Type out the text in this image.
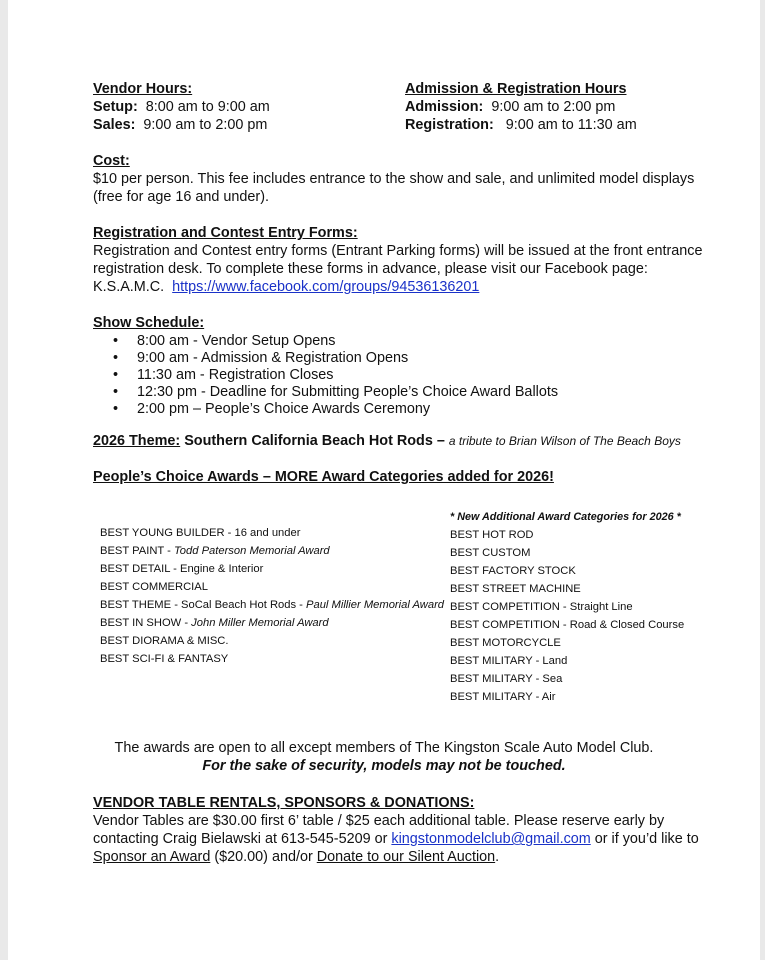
Vendor Hours:
Setup: 8:00 am to 9:00 am
Sales: 9:00 am to 2:00 pm
Admission & Registration Hours
Admission: 9:00 am to 2:00 pm
Registration: 9:00 am to 11:30 am
Cost:
$10 per person. This fee includes entrance to the show and sale, and unlimited model displays
(free for age 16 and under).
Registration and Contest Entry Forms:
Registration and Contest entry forms (Entrant Parking forms) will be issued at the front entrance
registration desk. To complete these forms in advance, please visit our Facebook page:
K.S.A.M.C. https://www.facebook.com/groups/94536136201
Show Schedule:
• 8:00 am - Vendor Setup Opens
• 9:00 am - Admission & Registration Opens
• 11:30 am - Registration Closes
• 12:30 pm - Deadline for Submitting People’s Choice Award Ballots
• 2:00 pm – People’s Choice Awards Ceremony
2026 Theme: Southern California Beach Hot Rods – a tribute to Brian Wilson of The Beach Boys
People’s Choice Awards – MORE Award Categories added for 2026!
BEST YOUNG BUILDER - 16 and under
BEST PAINT - Todd Paterson Memorial Award
BEST DETAIL - Engine & Interior
BEST COMMERCIAL
BEST THEME - SoCal Beach Hot Rods - Paul Millier Memorial Award
BEST IN SHOW - John Miller Memorial Award
BEST DIORAMA & MISC.
BEST SCI-FI & FANTASY
* New Additional Award Categories for 2026 *
BEST HOT ROD
BEST CUSTOM
BEST FACTORY STOCK
BEST STREET MACHINE
BEST COMPETITION - Straight Line
BEST COMPETITION - Road & Closed Course
BEST MOTORCYCLE
BEST MILITARY - Land
BEST MILITARY - Sea
BEST MILITARY - Air
The awards are open to all except members of The Kingston Scale Auto Model Club.
For the sake of security, models may not be touched.
VENDOR TABLE RENTALS, SPONSORS & DONATIONS:
Vendor Tables are $30.00 first 6’ table / $25 each additional table. Please reserve early by
contacting Craig Bielawski at 613-545-5209 or kingstonmodelclub@gmail.com or if you’d like to
Sponsor an Award ($20.00) and/or Donate to our Silent Auction.
